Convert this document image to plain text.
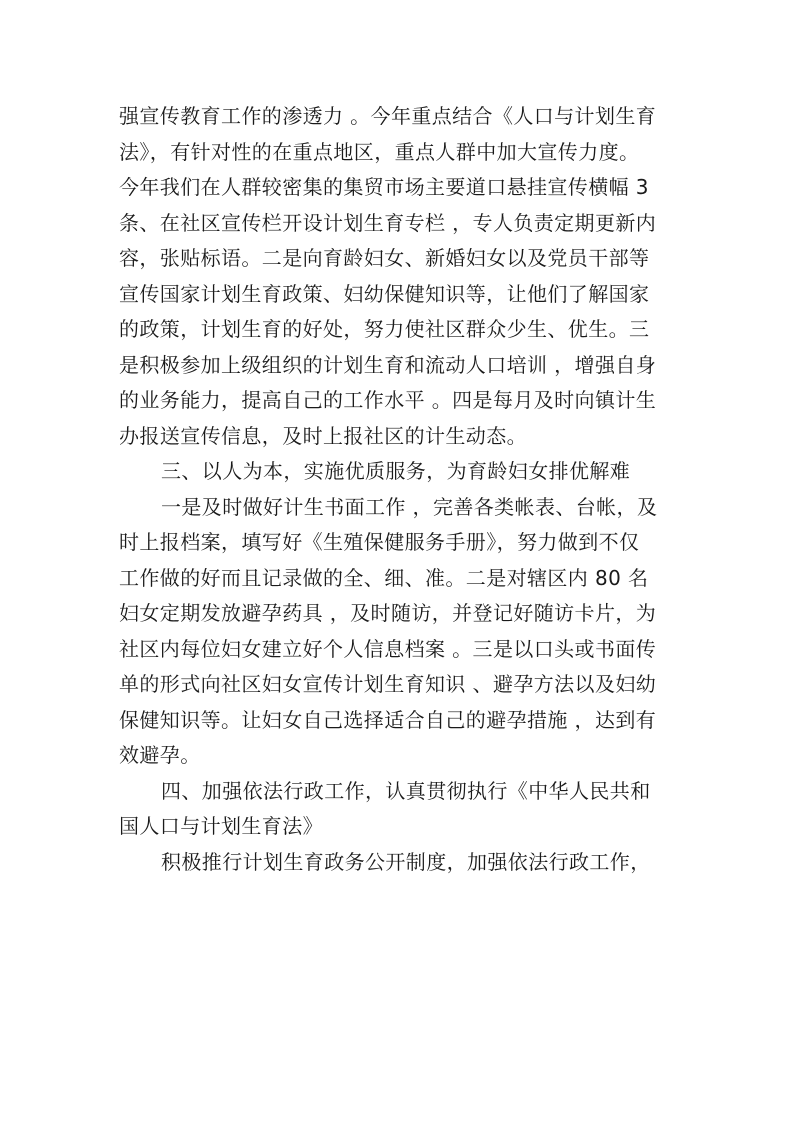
强宣传教育工作的渗透力 。今年重点结合《人口与计划生育
法》，有针对性的在重点地区，重点人群中加大宣传力度。
今年我们在人群较密集的集贸市场主要道口悬挂宣传横幅 3
条、在社区宣传栏开设计划生育专栏 ，专人负责定期更新内
容，张贴标语。二是向育龄妇女、新婚妇女以及党员干部等
宣传国家计划生育政策、妇幼保健知识等，让他们了解国家
的政策，计划生育的好处，努力使社区群众少生、优生。三
是积极参加上级组织的计划生育和流动人口培训 ，增强自身
的业务能力，提高自己的工作水平 。四是每月及时向镇计生
办报送宣传信息，及时上报社区的计生动态。
三、以人为本，实施优质服务，为育龄妇女排优解难
一是及时做好计生书面工作 ，完善各类帐表、台帐，及
时上报档案，填写好《生殖保健服务手册》，努力做到不仅
工作做的好而且记录做的全、细、准。二是对辖区内 80 名
妇女定期发放避孕药具 ，及时随访，并登记好随访卡片，为
社区内每位妇女建立好个人信息档案 。三是以口头或书面传
单的形式向社区妇女宣传计划生育知识 、避孕方法以及妇幼
保健知识等。让妇女自己选择适合自己的避孕措施 ，达到有
效避孕。
四、加强依法行政工作，认真贯彻执行《中华人民共和
国人口与计划生育法》
积极推行计划生育政务公开制度，加强依法行政工作，
